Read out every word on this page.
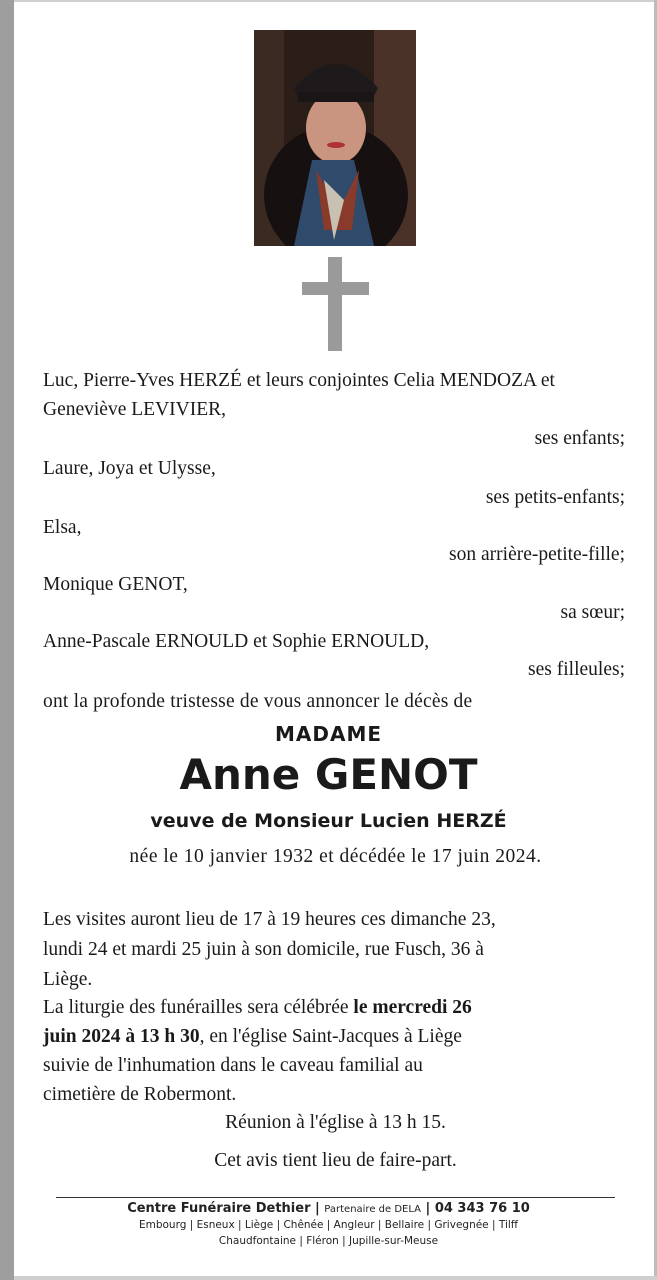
Luc, Pierre-Yves HERZÉ et leurs conjointes Celia MENDOZA et
Geneviève LEVIVIER,
ses enfants;
Laure, Joya et Ulysse,
ses petits-enfants;
Elsa,
son arrière-petite-fille;
Monique GENOT,
sa sœur;
Anne-Pascale ERNOULD et Sophie ERNOULD,
ses filleules;
ont la profonde tristesse de vous annoncer le décès de
MADAME
Anne GENOT
veuve de Monsieur Lucien HERZÉ
née le 10 janvier 1932 et décédée le 17 juin 2024.
Les visites auront lieu de 17 à 19 heures ces dimanche 23,
lundi 24 et mardi 25 juin à son domicile, rue Fusch, 36 à
Liège.
La liturgie des funérailles sera célébrée le mercredi 26
juin 2024 à 13 h 30, en l'église Saint-Jacques à Liège
suivie de l'inhumation dans le caveau familial au
cimetière de Robermont.
Réunion à l'église à 13 h 15.
Cet avis tient lieu de faire-part.
Centre Funéraire Dethier | Partenaire de DELA | 04 343 76 10
Embourg | Esneux | Liège | Chênée | Angleur | Bellaire | Grivegnée | Tilff
Chaudfontaine | Fléron | Jupille-sur-Meuse
